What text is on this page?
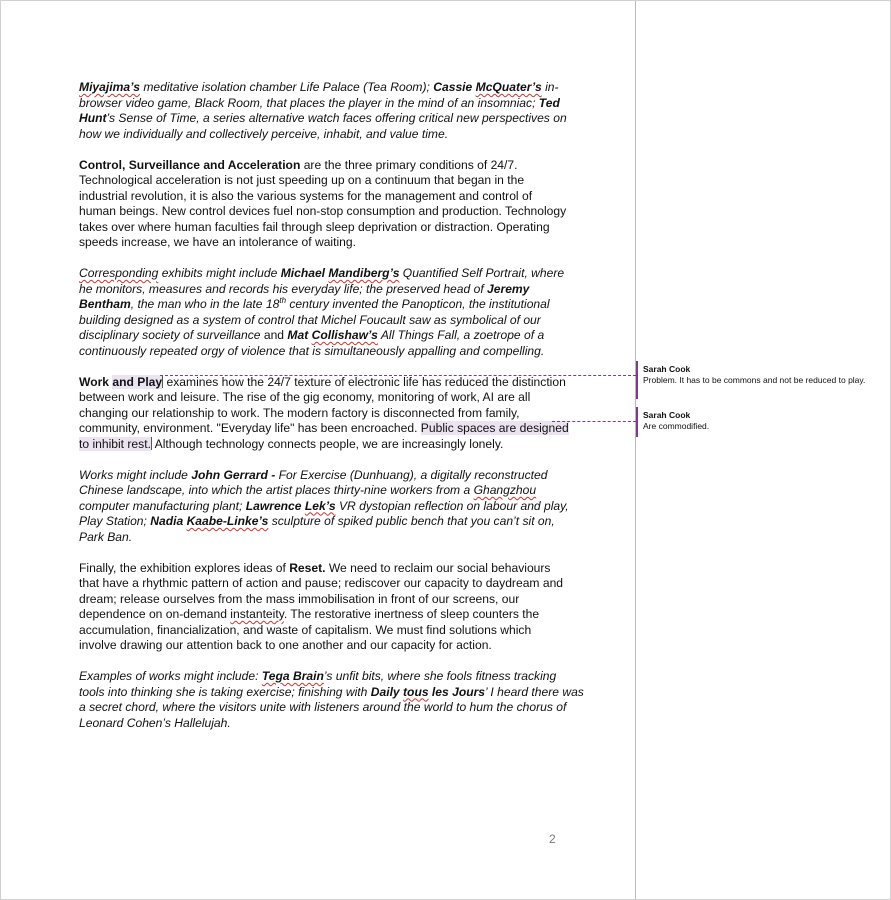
Miyajima’s meditative isolation chamber Life Palace (Tea Room); Cassie McQuater’s in-
browser video game, Black Room, that places the player in the mind of an insomniac; Ted
Hunt’s Sense of Time, a series alternative watch faces offering critical new perspectives on
how we individually and collectively perceive, inhabit, and value time.

Control, Surveillance and Acceleration are the three primary conditions of 24/7.
Technological acceleration is not just speeding up on a continuum that began in the
industrial revolution, it is also the various systems for the management and control of
human beings. New control devices fuel non-stop consumption and production. Technology
takes over where human faculties fail through sleep deprivation or distraction. Operating
speeds increase, we have an intolerance of waiting.

Corresponding exhibits might include Michael Mandiberg’s Quantified Self Portrait, where
he monitors, measures and records his everyday life; the preserved head of Jeremy
Bentham, the man who in the late 18th century invented the Panopticon, the institutional
building designed as a system of control that Michel Foucault saw as symbolical of our
disciplinary society of surveillance and Mat Collishaw’s All Things Fall, a zoetrope of a
continuously repeated orgy of violence that is simultaneously appalling and compelling.

Work and Play examines how the 24/7 texture of electronic life has reduced the distinction
between work and leisure. The rise of the gig economy, monitoring of work, AI are all
changing our relationship to work. The modern factory is disconnected from family,
community, environment. "Everyday life" has been encroached. Public spaces are designed
to inhibit rest. Although technology connects people, we are increasingly lonely.

Works might include John Gerrard - For Exercise (Dunhuang), a digitally reconstructed
Chinese landscape, into which the artist places thirty-nine workers from a Ghangzhou
computer manufacturing plant; Lawrence Lek’s VR dystopian reflection on labour and play,
Play Station; Nadia Kaabe-Linke’s sculpture of spiked public bench that you can’t sit on,
Park Ban.

Finally, the exhibition explores ideas of Reset. We need to reclaim our social behaviours
that have a rhythmic pattern of action and pause; rediscover our capacity to daydream and
dream; release ourselves from the mass immobilisation in front of our screens, our
dependence on on-demand instanteity. The restorative inertness of sleep counters the
accumulation, financialization, and waste of capitalism. We must find solutions which
involve drawing our attention back to one another and our capacity for action.

Examples of works might include: Tega Brain’s unfit bits, where she fools fitness tracking
tools into thinking she is taking exercise; finishing with Daily tous les Jours’ I heard there was
a secret chord, where the visitors unite with listeners around the world to hum the chorus of
Leonard Cohen’s Hallelujah.

2
Sarah Cook
Problem. It has to be commons and not be reduced to play.
Sarah Cook
Are commodified.
